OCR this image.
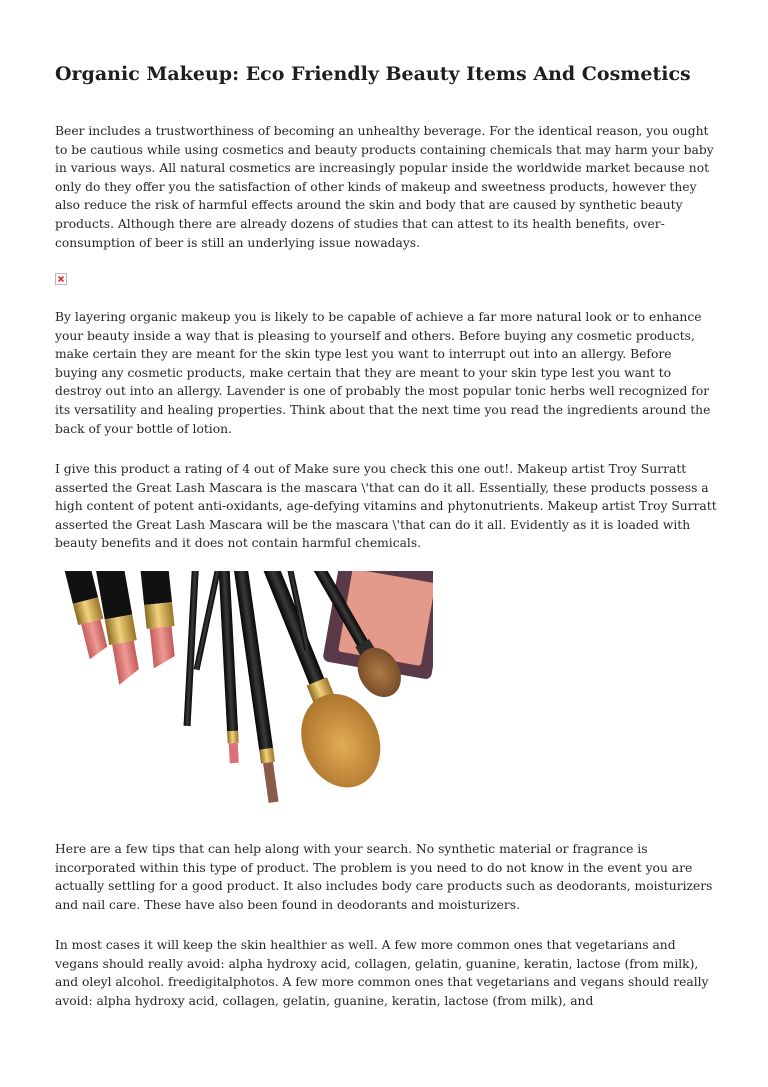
Organic Makeup: Eco Friendly Beauty Items And Cosmetics

Beer includes a trustworthiness of becoming an unhealthy beverage. For the identical reason, you ought to be cautious while using cosmetics and beauty products containing chemicals that may harm your baby in various ways. All natural cosmetics are increasingly popular inside the worldwide market because not only do they offer you the satisfaction of other kinds of makeup and sweetness products, however they also reduce the risk of harmful effects around the skin and body that are caused by synthetic beauty products. Although there are already dozens of studies that can attest to its health benefits, over-consumption of beer is still an underlying issue nowadays.

By layering organic makeup you is likely to be capable of achieve a far more natural look or to enhance your beauty inside a way that is pleasing to yourself and others. Before buying any cosmetic products, make certain they are meant for the skin type lest you want to interrupt out into an allergy. Before buying any cosmetic products, make certain that they are meant to your skin type lest you want to destroy out into an allergy. Lavender is one of probably the most popular tonic herbs well recognized for its versatility and healing properties. Think about that the next time you read the ingredients around the back of your bottle of lotion.

I give this product a rating of 4 out of Make sure you check this one out!. Makeup artist Troy Surratt asserted the Great Lash Mascara is the mascara \'that can do it all. Essentially, these products possess a high content of potent anti-oxidants, age-defying vitamins and phytonutrients. Makeup artist Troy Surratt asserted the Great Lash Mascara will be the mascara \'that can do it all. Evidently as it is loaded with beauty benefits and it does not contain harmful chemicals.

Here are a few tips that can help along with your search. No synthetic material or fragrance is incorporated within this type of product. The problem is you need to do not know in the event you are actually settling for a good product. It also includes body care products such as deodorants, moisturizers and nail care. These have also been found in deodorants and moisturizers.

In most cases it will keep the skin healthier as well. A few more common ones that vegetarians and vegans should really avoid: alpha hydroxy acid, collagen, gelatin, guanine, keratin, lactose (from milk), and oleyl alcohol. freedigitalphotos. A few more common ones that vegetarians and vegans should really avoid: alpha hydroxy acid, collagen, gelatin, guanine, keratin, lactose (from milk), and
